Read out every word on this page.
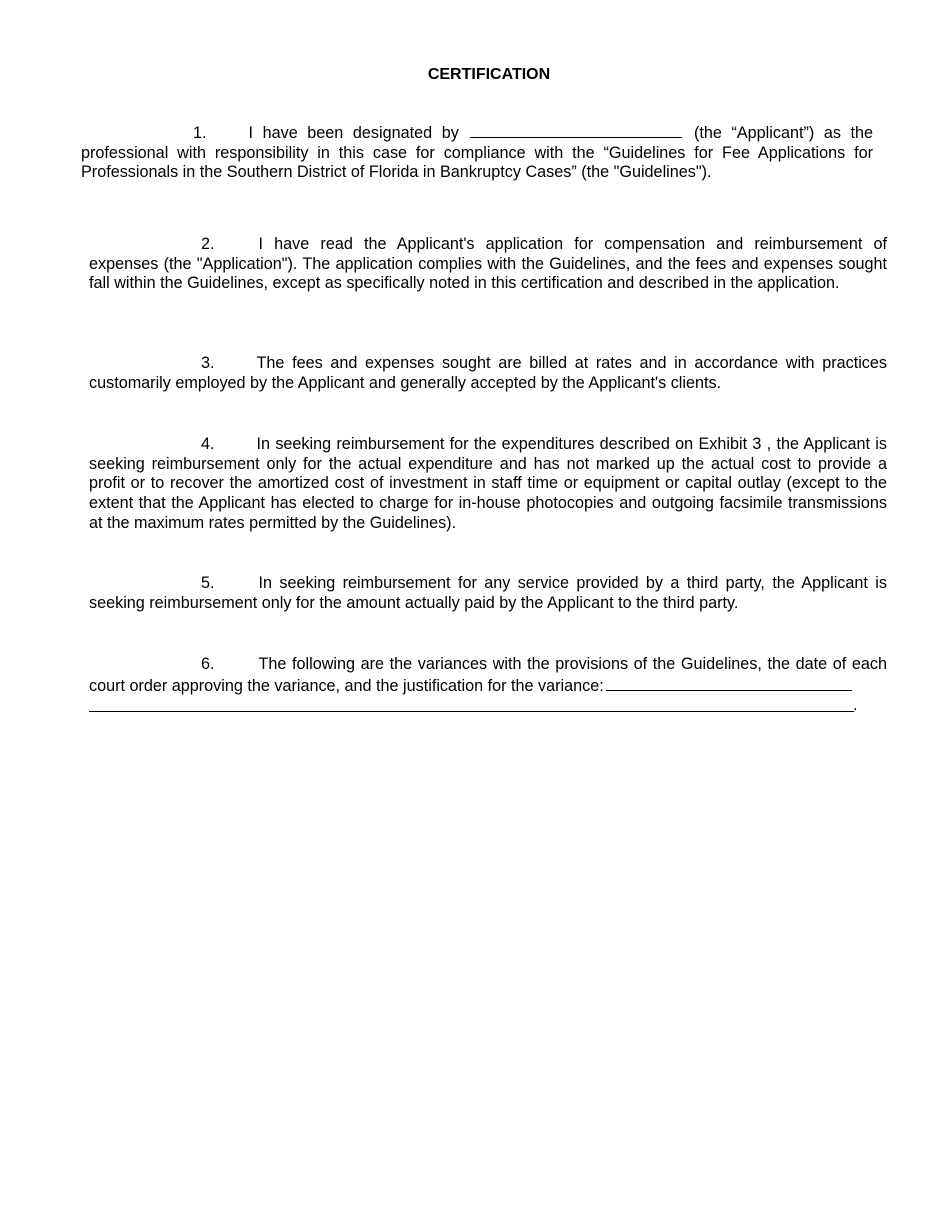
CERTIFICATION

1.	I have been designated by	(the “Applicant”) as the professional with responsibility in this case for compliance with the “Guidelines for Fee Applications for Professionals in the Southern District of Florida in Bankruptcy Cases” (the "Guidelines").

2.	I have read the Applicant's application for compensation and reimbursement of expenses (the "Application"). The application complies with the Guidelines, and the fees and expenses sought fall within the Guidelines, except as specifically noted in this certification and described in the application.

3.	The fees and expenses sought are billed at rates and in accordance with practices customarily employed by the Applicant and generally accepted by the Applicant's clients.

4.	In seeking reimbursement for the expenditures described on Exhibit 3 , the Applicant is seeking reimbursement only for the actual expenditure and has not marked up the actual cost to provide a profit or to recover the amortized cost of investment in staff time or equipment or capital outlay (except to the extent that the Applicant has elected to charge for in-house photocopies and outgoing facsimile transmissions at the maximum rates permitted by the Guidelines).

5.	In seeking reimbursement for any service provided by a third party, the Applicant is seeking reimbursement only for the amount actually paid by the Applicant to the third party.

6.	The following are the variances with the provisions of the Guidelines, the date of each court order approving the variance, and the justification for the variance:

.
